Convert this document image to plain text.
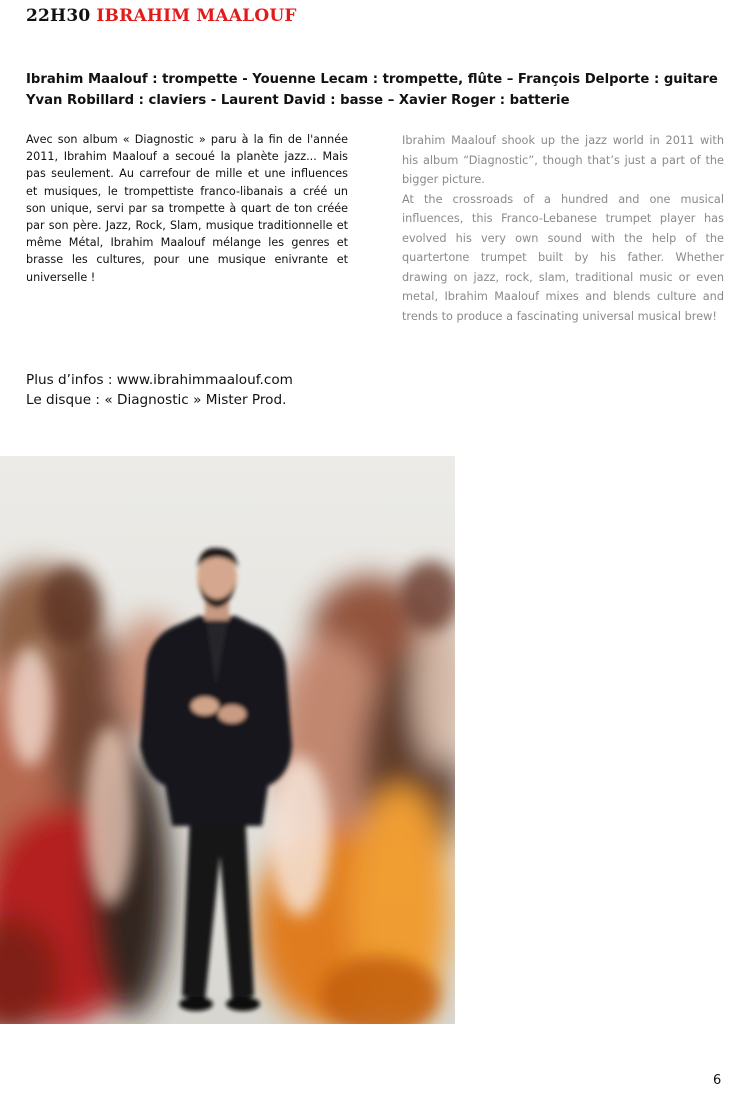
22H30 IBRAHIM MAALOUF
Ibrahim Maalouf : trompette - Youenne Lecam : trompette, flûte – François Delporte : guitare
Yvan Robillard : claviers - Laurent David : basse – Xavier Roger : batterie

Avec son album « Diagnostic » paru à la fin de l'année 2011, Ibrahim Maalouf a secoué la planète jazz... Mais pas seulement. Au carrefour de mille et une influences et musiques, le trompettiste franco-libanais a créé un son unique, servi par sa trompette à quart de ton créée par son père. Jazz, Rock, Slam, musique traditionnelle et même Métal, Ibrahim Maalouf mélange les genres et brasse les cultures, pour une musique enivrante et universelle !

Ibrahim Maalouf shook up the jazz world in 2011 with his album “Diagnostic”, though that’s just a part of the bigger picture.

At the crossroads of a hundred and one musical influences, this Franco-Lebanese trumpet player has evolved his very own sound with the help of the quartertone trumpet built by his father. Whether drawing on jazz, rock, slam, traditional music or even metal, Ibrahim Maalouf mixes and blends culture and trends to produce a fascinating universal musical brew!

Plus d’infos : www.ibrahimmaalouf.com
Le disque : « Diagnostic » Mister Prod.
6
